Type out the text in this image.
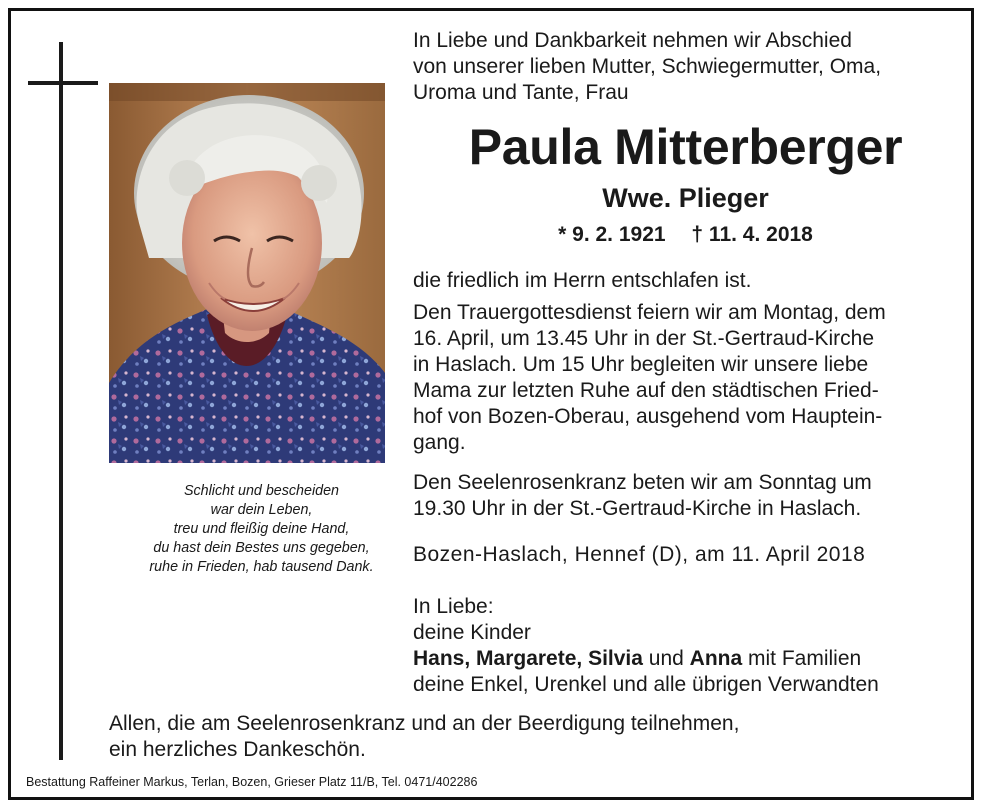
Schlicht und bescheiden
war dein Leben,
treu und fleißig deine Hand,
du hast dein Bestes uns gegeben,
ruhe in Frieden, hab tausend Dank.
In Liebe und Dankbarkeit nehmen wir Abschied
von unserer lieben Mutter, Schwiegermutter, Oma,
Uroma und Tante, Frau
Paula Mitterberger
Wwe. Plieger
* 9. 2. 1921 † 11. 4. 2018
die friedlich im Herrn entschlafen ist.
Den Trauergottesdienst feiern wir am Montag, dem
16. April, um 13.45 Uhr in der St.-Gertraud-Kirche
in Haslach. Um 15 Uhr begleiten wir unsere liebe
Mama zur letzten Ruhe auf den städtischen Fried-
hof von Bozen-Oberau, ausgehend vom Hauptein-
gang.
Den Seelenrosenkranz beten wir am Sonntag um
19.30 Uhr in der St.-Gertraud-Kirche in Haslach.
Bozen-Haslach, Hennef (D), am 11. April 2018
In Liebe:
deine Kinder
Hans, Margarete, Silvia und Anna mit Familien
deine Enkel, Urenkel und alle übrigen Verwandten
Allen, die am Seelenrosenkranz und an der Beerdigung teilnehmen,
ein herzliches Dankeschön.
Bestattung Raffeiner Markus, Terlan, Bozen, Grieser Platz 11/B, Tel. 0471/402286
